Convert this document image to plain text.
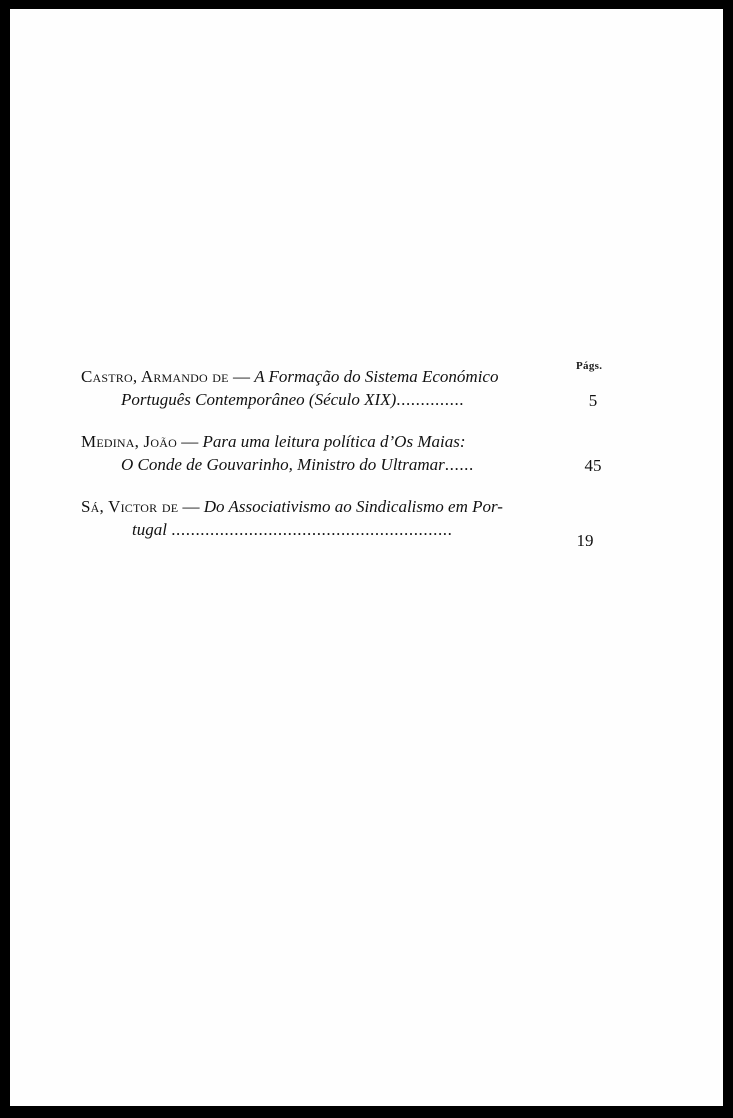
Págs.
Castro, Armando de — A Formação do Sistema Económico
Português Contemporâneo (Século XIX)..............	5
Medina, João — Para uma leitura política d’Os Maias:
O Conde de Gouvarinho, Ministro do Ultramar......	45
Sá, Victor de — Do Associativismo ao Sindicalismo em Por-
tugal ..........................................................
19
